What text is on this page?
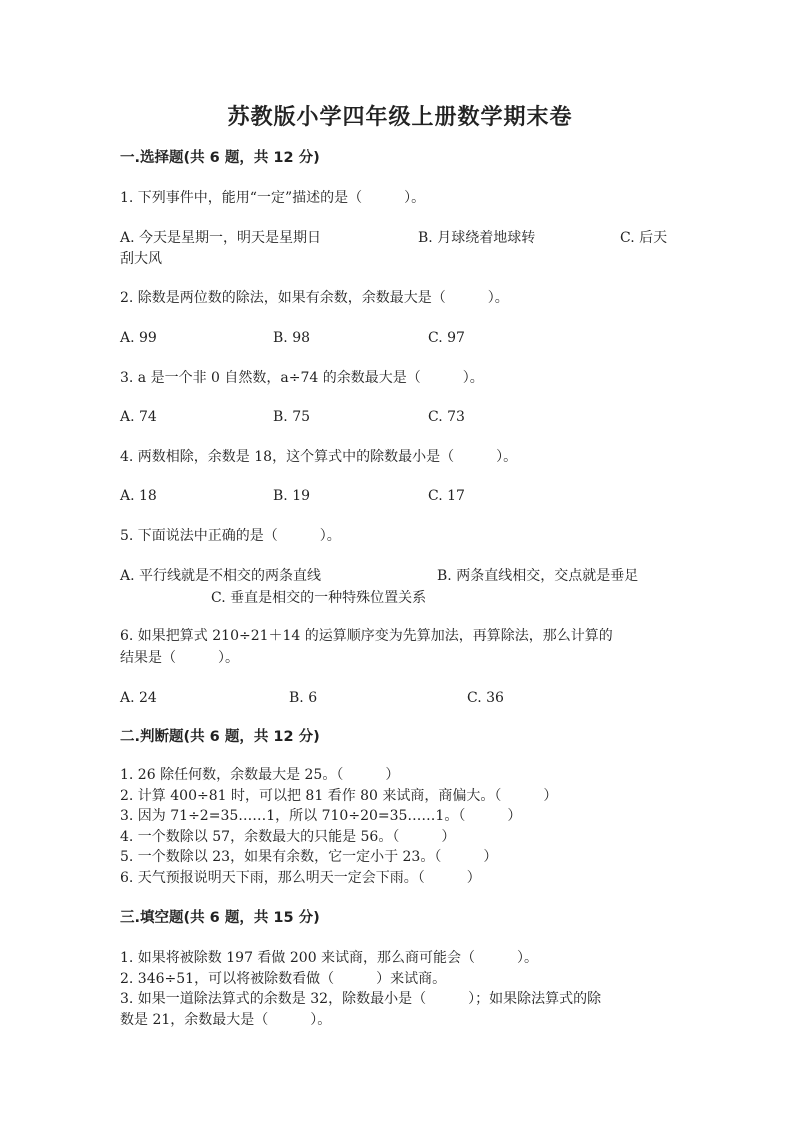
苏教版小学四年级上册数学期末卷
一.选择题(共 6 题，共 12 分)
1. 下列事件中，能用“一定”描述的是（　　　）。
A. 今天是星期一，明天是星期日	B. 月球绕着地球转	C. 后天
刮大风
2. 除数是两位数的除法，如果有余数，余数最大是（　　　）。
A. 99	B. 98	C. 97
3. a 是一个非 0 自然数，a÷74 的余数最大是（　　　）。
A. 74	B. 75	C. 73
4. 两数相除，余数是 18，这个算式中的除数最小是（　　　）。
A. 18	B. 19	C. 17
5. 下面说法中正确的是（　　　）。
A. 平行线就是不相交的两条直线	B. 两条直线相交，交点就是垂足
C. 垂直是相交的一种特殊位置关系
6. 如果把算式 210÷21＋14 的运算顺序变为先算加法，再算除法，那么计算的
结果是（　　　）。
A. 24	B. 6	C. 36
二.判断题(共 6 题，共 12 分)
1. 26 除任何数，余数最大是 25。（　　　）
2. 计算 400÷81 时，可以把 81 看作 80 来试商，商偏大。（　　　）
3. 因为 71÷2=35……1，所以 710÷20=35……1。（　　　）
4. 一个数除以 57，余数最大的只能是 56。（　　　）
5. 一个数除以 23，如果有余数，它一定小于 23。（　　　）
6. 天气预报说明天下雨，那么明天一定会下雨。（　　　）
三.填空题(共 6 题，共 15 分)
1. 如果将被除数 197 看做 200 来试商，那么商可能会（　　　）。
2. 346÷51，可以将被除数看做（　　　）来试商。
3. 如果一道除法算式的余数是 32，除数最小是（　　　）；如果除法算式的除
数是 21，余数最大是（　　　）。
